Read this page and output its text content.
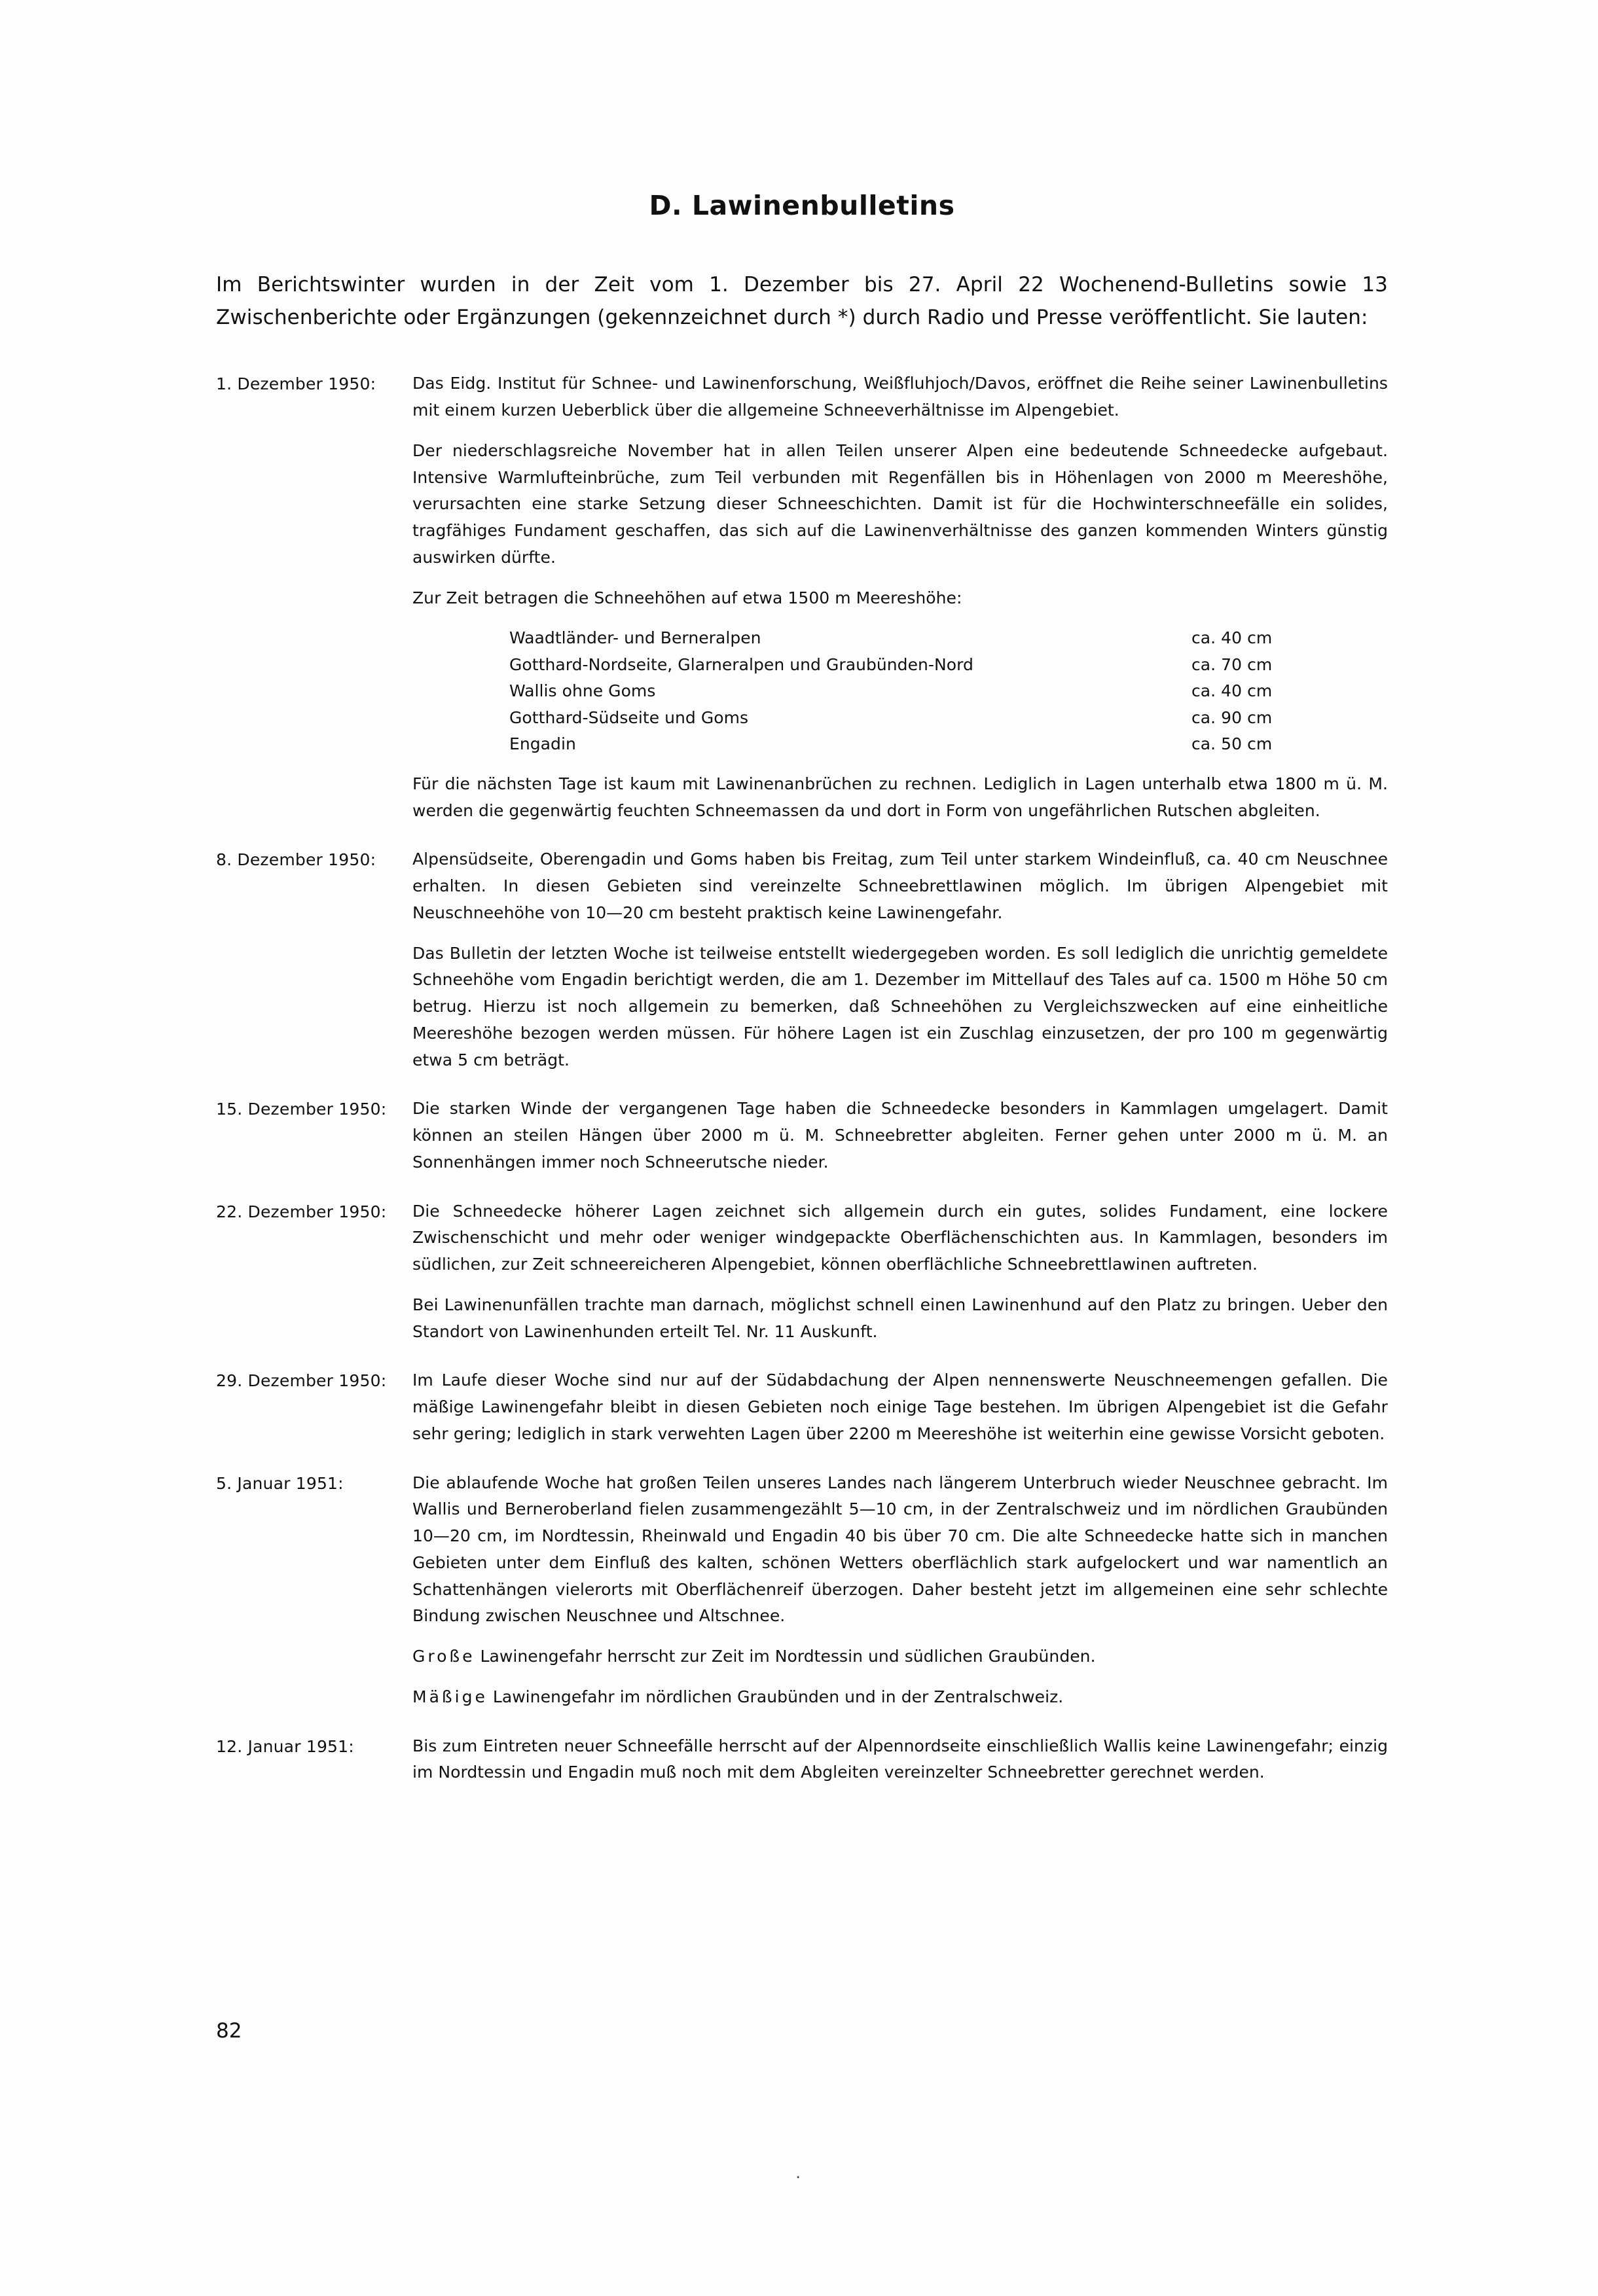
D. Lawinenbulletins

Im Berichtswinter wurden in der Zeit vom 1. Dezember bis 27. April 22 Wochenend-Bulletins sowie 13 Zwischenberichte oder Ergänzungen (gekennzeichnet durch *) durch Radio und Presse veröffentlicht. Sie lauten:

1. Dezember 1950:	Das Eidg. Institut für Schnee- und Lawinenforschung, Weißfluhjoch/Davos, eröffnet die Reihe seiner Lawinenbulletins mit einem kurzen Ueberblick über die allgemeine Schneeverhältnisse im Alpengebiet.

Der niederschlagsreiche November hat in allen Teilen unserer Alpen eine bedeutende Schneedecke aufgebaut. Intensive Warmlufteinbrüche, zum Teil verbunden mit Regenfällen bis in Höhenlagen von 2000 m Meereshöhe, verursachten eine starke Setzung dieser Schneeschichten. Damit ist für die Hochwinterschneefälle ein solides, tragfähiges Fundament geschaffen, das sich auf die Lawinenverhältnisse des ganzen kommenden Winters günstig auswirken dürfte.

Zur Zeit betragen die Schneehöhen auf etwa 1500 m Meereshöhe:

Waadtländer- und Berneralpen	ca. 40 cm
Gotthard-Nordseite, Glarneralpen und Graubünden-Nord	ca. 70 cm
Wallis ohne Goms	ca. 40 cm
Gotthard-Südseite und Goms	ca. 90 cm
Engadin	ca. 50 cm

Für die nächsten Tage ist kaum mit Lawinenanbrüchen zu rechnen. Lediglich in Lagen unterhalb etwa 1800 m ü. M. werden die gegenwärtig feuchten Schneemassen da und dort in Form von ungefährlichen Rutschen abgleiten.

8. Dezember 1950:	Alpensüdseite, Oberengadin und Goms haben bis Freitag, zum Teil unter starkem Windeinfluß, ca. 40 cm Neuschnee erhalten. In diesen Gebieten sind vereinzelte Schneebrettlawinen möglich. Im übrigen Alpengebiet mit Neuschneehöhe von 10—20 cm besteht praktisch keine Lawinengefahr.

Das Bulletin der letzten Woche ist teilweise entstellt wiedergegeben worden. Es soll lediglich die unrichtig gemeldete Schneehöhe vom Engadin berichtigt werden, die am 1. Dezember im Mittellauf des Tales auf ca. 1500 m Höhe 50 cm betrug. Hierzu ist noch allgemein zu bemerken, daß Schneehöhen zu Vergleichszwecken auf eine einheitliche Meereshöhe bezogen werden müssen. Für höhere Lagen ist ein Zuschlag einzusetzen, der pro 100 m gegenwärtig etwa 5 cm beträgt.

15. Dezember 1950:	Die starken Winde der vergangenen Tage haben die Schneedecke besonders in Kammlagen umgelagert. Damit können an steilen Hängen über 2000 m ü. M. Schneebretter abgleiten. Ferner gehen unter 2000 m ü. M. an Sonnenhängen immer noch Schneerutsche nieder.

22. Dezember 1950:	Die Schneedecke höherer Lagen zeichnet sich allgemein durch ein gutes, solides Fundament, eine lockere Zwischenschicht und mehr oder weniger windgepackte Oberflächenschichten aus. In Kammlagen, besonders im südlichen, zur Zeit schneereicheren Alpengebiet, können oberflächliche Schneebrettlawinen auftreten.

Bei Lawinenunfällen trachte man darnach, möglichst schnell einen Lawinenhund auf den Platz zu bringen. Ueber den Standort von Lawinenhunden erteilt Tel. Nr. 11 Auskunft.

29. Dezember 1950:	Im Laufe dieser Woche sind nur auf der Südabdachung der Alpen nennenswerte Neuschneemengen gefallen. Die mäßige Lawinengefahr bleibt in diesen Gebieten noch einige Tage bestehen. Im übrigen Alpengebiet ist die Gefahr sehr gering; lediglich in stark verwehten Lagen über 2200 m Meereshöhe ist weiterhin eine gewisse Vorsicht geboten.

5. Januar 1951:	Die ablaufende Woche hat großen Teilen unseres Landes nach längerem Unterbruch wieder Neuschnee gebracht. Im Wallis und Berneroberland fielen zusammengezählt 5—10 cm, in der Zentralschweiz und im nördlichen Graubünden 10—20 cm, im Nordtessin, Rheinwald und Engadin 40 bis über 70 cm. Die alte Schneedecke hatte sich in manchen Gebieten unter dem Einfluß des kalten, schönen Wetters oberflächlich stark aufgelockert und war namentlich an Schattenhängen vielerorts mit Oberflächenreif überzogen. Daher besteht jetzt im allgemeinen eine sehr schlechte Bindung zwischen Neuschnee und Altschnee.

Große Lawinengefahr herrscht zur Zeit im Nordtessin und südlichen Graubünden.

Mäßige Lawinengefahr im nördlichen Graubünden und in der Zentralschweiz.

12. Januar 1951:	Bis zum Eintreten neuer Schneefälle herrscht auf der Alpennordseite einschließlich Wallis keine Lawinengefahr; einzig im Nordtessin und Engadin muß noch mit dem Abgleiten vereinzelter Schneebretter gerechnet werden.

82
.
